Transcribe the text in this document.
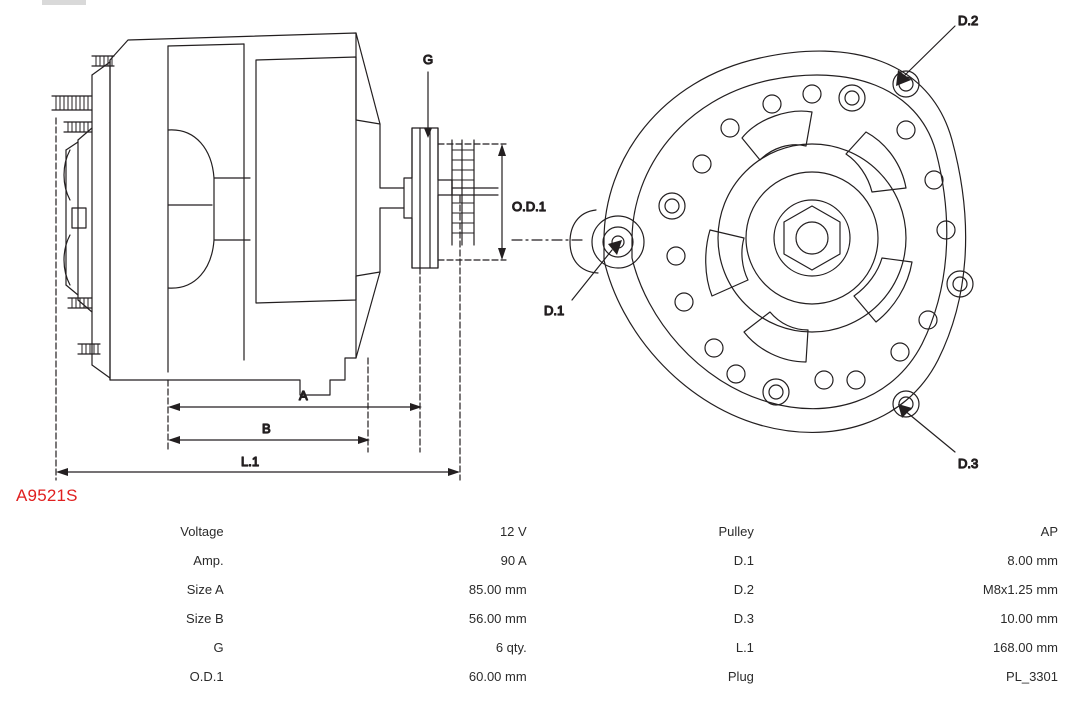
G
O.D.1
A
B
L.1
D.1
D.2
D.3
A9521S
Voltage	12 V	Pulley	AP
Amp.	90 A	D.1	8.00 mm
Size A	85.00 mm	D.2	M8x1.25 mm
Size B	56.00 mm	D.3	10.00 mm
G	6 qty.	L.1	168.00 mm
O.D.1	60.00 mm	Plug	PL_3301
